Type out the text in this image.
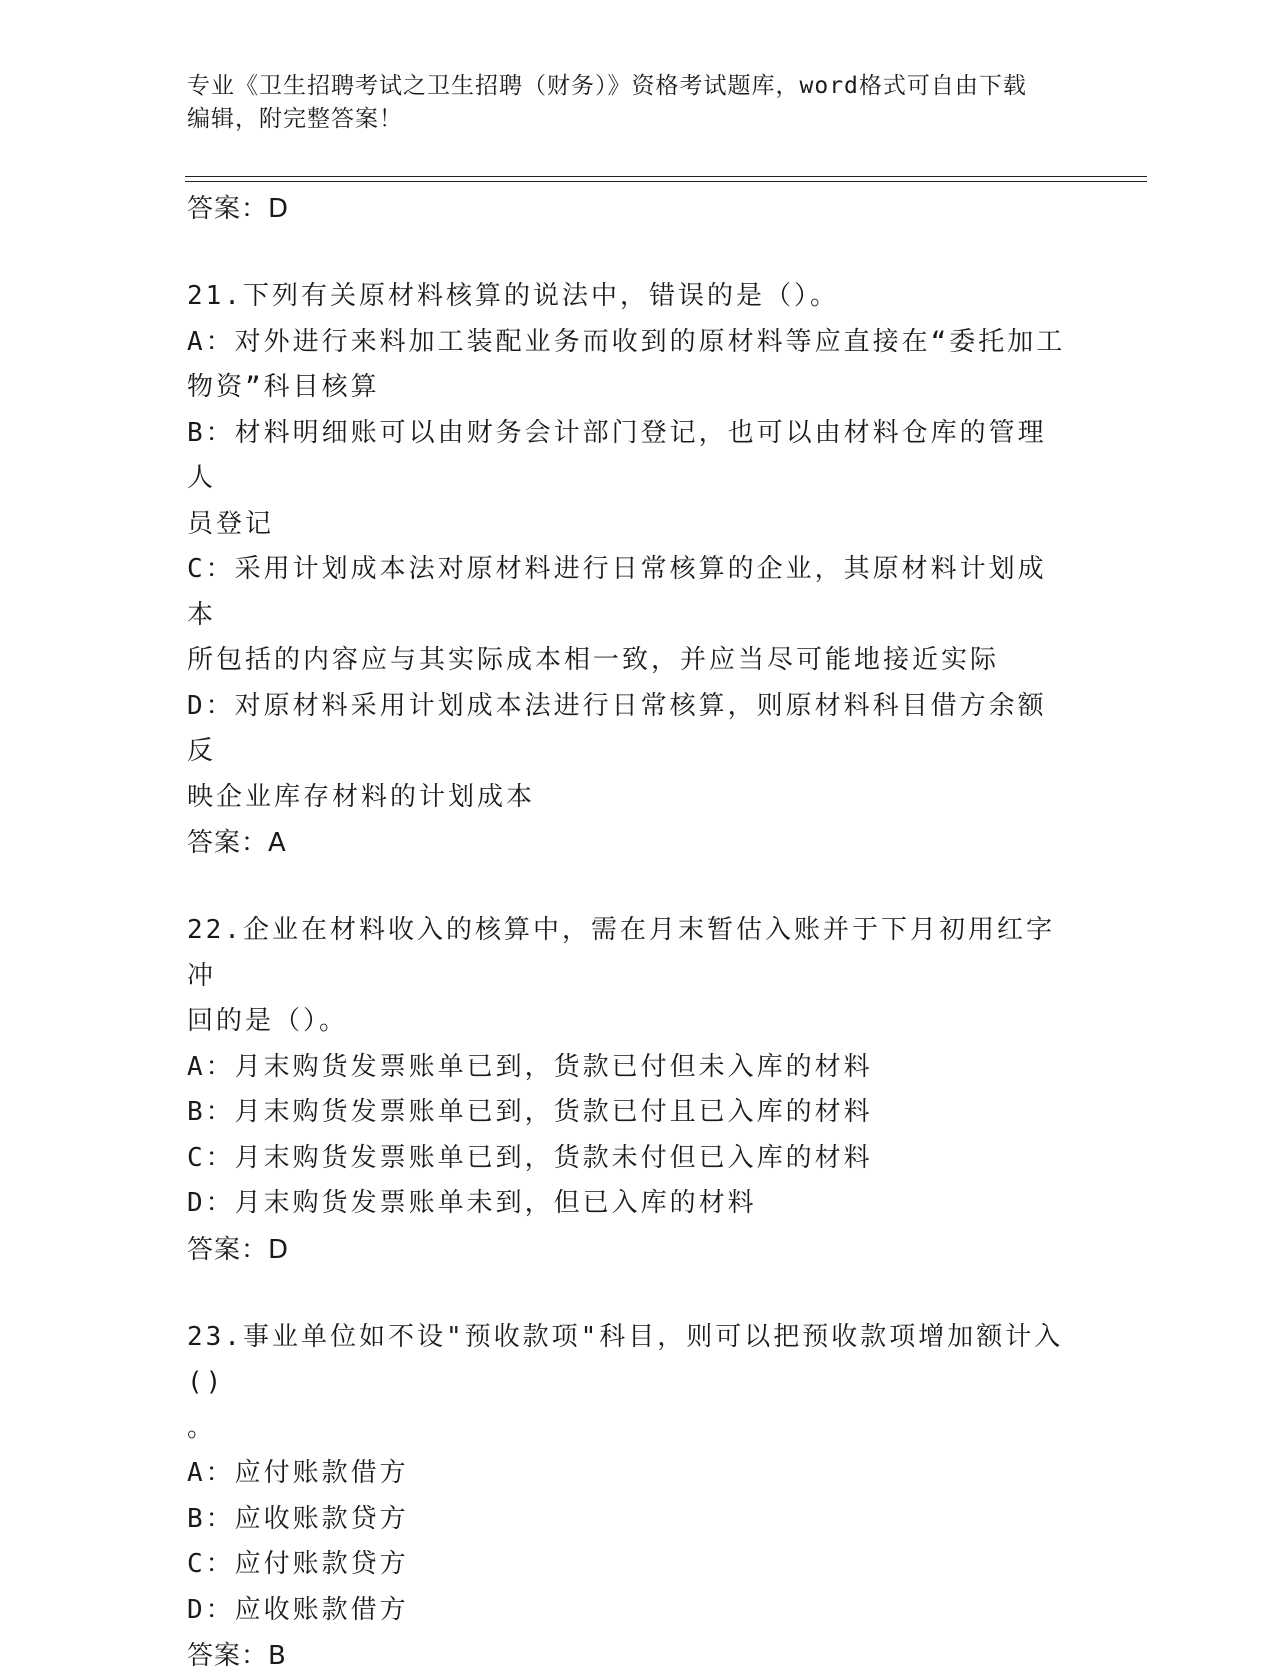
专业《卫生招聘考试之卫生招聘（财务）》资格考试题库，word格式可自由下载
编辑，附完整答案！
答案：D
21.下列有关原材料核算的说法中，错误的是（）。
A：对外进行来料加工装配业务而收到的原材料等应直接在“委托加工
物资”科目核算
B：材料明细账可以由财务会计部门登记，也可以由材料仓库的管理人
员登记
C：采用计划成本法对原材料进行日常核算的企业，其原材料计划成本
所包括的内容应与其实际成本相一致，并应当尽可能地接近实际
D：对原材料采用计划成本法进行日常核算，则原材料科目借方余额反
映企业库存材料的计划成本
答案：A
22.企业在材料收入的核算中，需在月末暂估入账并于下月初用红字冲
回的是（）。
A：月末购货发票账单已到，货款已付但未入库的材料
B：月末购货发票账单已到，货款已付且已入库的材料
C：月末购货发票账单已到，货款未付但已入库的材料
D：月末购货发票账单未到，但已入库的材料
答案：D
23.事业单位如不设"预收款项"科目，则可以把预收款项增加额计入()
。
A：应付账款借方
B：应收账款贷方
C：应付账款贷方
D：应收账款借方
答案：B
